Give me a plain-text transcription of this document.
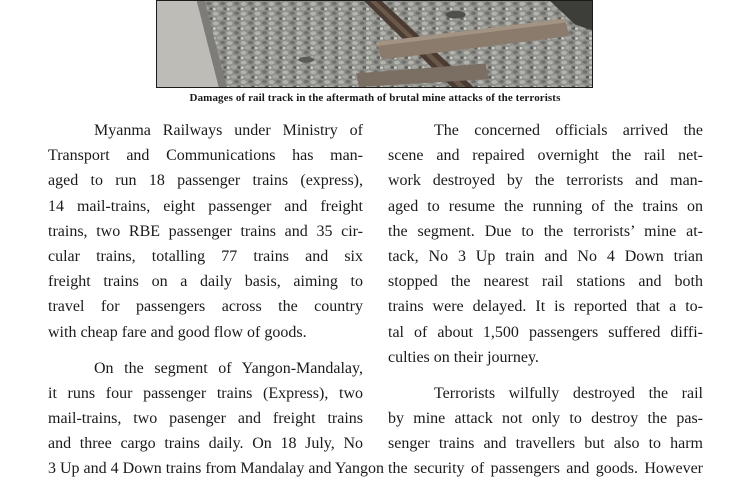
Damages of rail track in the aftermath of brutal mine attacks of the terrorists
Myanma Railways under Ministry of
Transport and Communications has man-
aged to run 18 passenger trains (express),
14 mail-trains, eight passenger and freight
trains, two RBE passenger trains and 35 cir-
cular trains, totalling 77 trains and six
freight trains on a daily basis, aiming to
travel for passengers across the country
with cheap fare and good flow of goods.
On the segment of Yangon-Mandalay,
it runs four passenger trains (Express), two
mail-trains, two pasenger and freight trains
and three cargo trains daily. On 18 July, No
3 Up and 4 Down trains from Mandalay and Yangon
The concerned officials arrived the
scene and repaired overnight the rail net-
work destroyed by the terrorists and man-
aged to resume the running of the trains on
the segment. Due to the terrorists’ mine at-
tack, No 3 Up train and No 4 Down trian
stopped the nearest rail stations and both
trains were delayed. It is reported that a to-
tal of about 1,500 passengers suffered diffi-
culties on their journey.
Terrorists wilfully destroyed the rail
by mine attack not only to destroy the pas-
senger trains and travellers but also to harm
the security of passengers and goods. However
